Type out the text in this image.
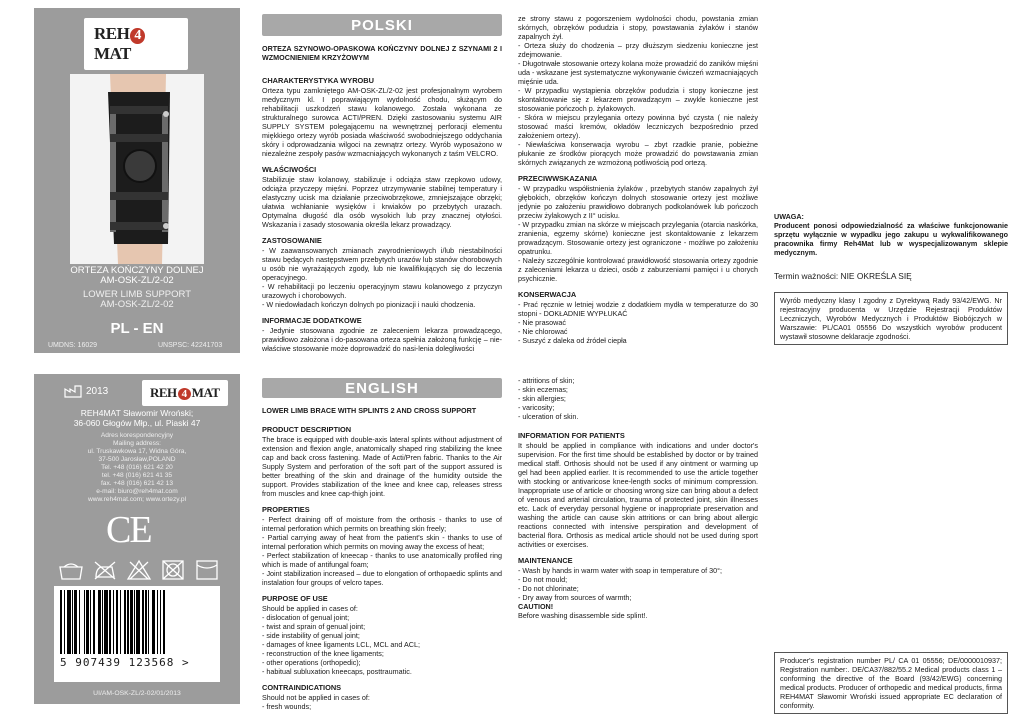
REH 4MAT
ORTEZA KOŃCZYNY DOLNEJ
AM-OSK-ZL/2-02
LOWER LIMB SUPPORT
AM-OSK-ZL/2-02
PL - EN
UMDNS: 16029	UNSPSC: 42241703
2013	REH 4 MAT
REH4MAT Sławomir Wroński;
36-060 Głogów Młp., ul. Piaski 47
Adres korespondencyjny
Mailing address:
ul. Truskawkowa 17, Widna Góra,
37-500 Jarosław,POLAND
Tel. +48 (016) 621 42 20
tel. +48 (016) 621 41 35
fax. +48 (016) 621 42 13
e-mail: biuro@reh4mat.com
www.reh4mat.com; www.ortezy.pl
CE
5 907439 123568 >
UI/AM-OSK-ZL/2-02/01/2013
POLSKI
ORTEZA SZYNOWO-OPASKOWA KOŃCZYNY DOLNEJ Z SZYNAMI 2 I WZMOCNIENIEM KRZYŻOWYM
CHARAKTERYSTYKA WYROBU

Orteza typu zamkniętego AM-OSK-ZL/2-02 jest profesjonalnym wyrobem medycznym kl. I poprawiającym wydolność chodu, służącym do rehabilitacji uszkodzeń stawu kolanowego. Została wykonana ze strukturalnego surowca ACTI/PREN. Dzięki zastosowaniu systemu AIR SUPPLY SYSTEM polegającemu na wewnętrznej perforacji elementu miękkiego ortezy wyrób posiada właściwość swobodniejszego oddychania skóry i odprowadzania wilgoci na zewnątrz ortezy. Wyrób wyposażono w niezależne zespoły pasów wzmacniających wykonanych z taśm VELCRO.

WŁAŚCIWOŚCI

Stabilizuje staw kolanowy, stabilizuje i odciąża staw rzepkowo udowy, odciąża przyczepy mięśni. Poprzez utrzymywanie stabilnej temperatury i elastyczny ucisk ma działanie przeciwobrzękowe, zmniejszające obrzęki; ułatwia wchłanianie wysięków i krwiaków po przebytych urazach. Optymalna długość dla osób wysokich lub przy znacznej otyłości. Wskazania i zasady stosowania określa lekarz prowadzący.

ZASTOSOWANIE

- W zaawansowanych zmianach zwyrodnieniowych i/lub niestabilności stawu będących następstwem przebytych urazów lub stanów chorobowych u osób nie wyrażających zgody, lub nie kwalifikujących się do leczenia operacyjnego.

- W rehabilitacji po leczeniu operacyjnym stawu kolanowego z przyczyn urazowych i chorobowych.

- W niedowładach kończyn dolnych po pionizacji i nauki chodzenia.

INFORMACJE DODATKOWE

- Jedynie stosowana zgodnie ze zaleceniem lekarza prowadzącego, prawidłowo założona i do-pasowana orteza spełnia założoną funkcję – nie-właściwe stosowanie może doprowadzić do nasi-lenia dolegliwości

ze strony stawu z pogorszeniem wydolności chodu, powstania zmian skórnych, obrzęków podudzia i stopy, powstawania żylaków i stanów zapalnych żył.

- Orteza służy do chodzenia – przy dłuższym siedzeniu konieczne jest zdejmowanie.

- Długotrwałe stosowanie ortezy kolana może prowadzić do zaników mięśni uda - wskazane jest systematyczne wykonywanie ćwiczeń wzmacniających mięśnie uda.

- W przypadku wystąpienia obrzęków podudzia i stopy konieczne jest skontaktowanie się z lekarzem prowadzącym – zwykle konieczne jest stosowanie pończoch p. żylakowych.

- Skóra w miejscu przylegania ortezy powinna być czysta ( nie należy stosować maści kremów, okładów leczniczych bezpośrednio przed założeniem ortezy).

- Niewłaściwa konserwacja wyrobu – zbyt rzadkie pranie, pobieżne płukanie ze środków piorących może prowadzić do powstawania zmian skórnych związanych ze wzmożoną potliwością pod ortezą.

PRZECIWWSKAZANIA

- W przypadku współistnienia żylaków , przebytych stanów zapalnych żył głębokich, obrzęków kończyn dolnych stosowanie ortezy jest możliwe jedynie po założeniu prawidłowo dobranych podkolanówek lub pończoch przeciw żylakowych z II° ucisku.

- W przypadku zmian na skórze w miejscach przylegania (otarcia naskórka, zranienia, egzemy skórne) konieczne jest skontaktowanie z lekarzem prowadzącym. Stosowanie ortezy jest ograniczone - możliwe po założeniu opatrunku.

- Należy szczególnie kontrolować prawidłowość stosowania ortezy zgodnie z zaleceniami lekarza u dzieci, osób z zaburzeniami pamięci i u chorych psychicznie.

KONSERWACJA

- Prać ręcznie w letniej wodzie z dodatkiem mydła w temperaturze do 30 stopni - DOKŁADNIE WYPŁUKAĆ

- Nie prasować

- Nie chlorować

- Suszyć z daleka od źródeł ciepła

UWAGA:
Producent ponosi odpowiedzialność za właściwe funkcjonowanie sprzętu wyłącznie w wypadku jego zakupu u wykwalifikowanego pracownika firmy Reh4Mat lub w wyspecjalizowanym sklepie medycznym.
Termin ważności: NIE OKREŚLA SIĘ
Wyrób medyczny klasy I zgodny z Dyrektywą Rady 93/42/EWG. Nr rejestracyjny producenta w Urzędzie Rejestracji Produktów Leczniczych, Wyrobów Medycznych i Produktów Biobójczych w Warszawie: PL/CA01 05556 Do wszystkich wyrobów producent wystawił stosowne deklaracje zgodności.
ENGLISH
LOWER LIMB BRACE WITH SPLINTS 2 AND CROSS SUPPORT
PRODUCT DESCRIPTION

The brace is equipped with double-axis lateral splints without adjustment of extension and flexion angle, anatomically shaped ring stabilizing the knee cap and back cross fastening. Made of Acti/Pren fabric. Thanks to the Air Supply System and perforation of the soft part of the support assured is better breathing of the skin and drainage of the humidity outside the support. Provides stabilization of the knee and knee cap, releases stress from muscles and knee cap-thigh joint.

PROPERTIES

- Perfect draining off of moisture from the orthosis - thanks to use of internal perforation which permits on breathing skin freely;

- Partial carrying away of heat from the patient's skin - thanks to use of internal perforation which permits on moving away the excess of heat;

- Perfect stabilization of kneecap - thanks to use anatomically profiled ring which is made of antifungal foam;

- Joint stabilization increased – due to elongation of orthopaedic splints and instalation four groups of velcro tapes.

PURPOSE OF USE

Should be applied in cases of:

- dislocation of genual joint;

- twist and sprain of genual joint;

- side instability of genual joint;

- damages of knee ligaments LCL, MCL and ACL;

- reconstruction of the knee ligaments;

- other operations (orthopedic);

- habitual subluxation kneecaps, posttraumatic.

CONTRAINDICATIONS

Should not be applied in cases of:

- fresh wounds;

- attritions of skin;

- skin eczemas;

- skin allergies;

- varicosity;

- ulceration of skin.

INFORMATION FOR PATIENTS

It should be applied in compliance with indications and under doctor's supervision. For the first time should be established by doctor or by trained medical staff. Orthosis should not be used if any ointment or warming up gel had been applied earlier. It is recommended to use the article together with stocking or antivaricose knee-length socks of minimum compression. Inappropriate use of article or choosing wrong size can bring about a defect of venous and arterial circulation, trauma of protected joint, skin illnesses etc. Lack of everyday personal hygiene or inappropriate preservation and washing the article can cause skin attritions or can bring about allergic reactions connected with intensive perspiration and development of bacterial flora. Orthosis as medical article should not be used during sport activities or exercises.

MAINTENANCE

- Wash by hands in warm water with soap in temperature of 30°;

- Do not mould;

- Do not chlorinate;

- Dry away from sources of warmth;

CAUTION!

Before washing disassemble side splint!.

Producer's registration number PL/ CA 01 05556; DE/0000010937; Registration number:. DE/CA37/882/55.2 Medical products class 1 – conforming the directive of the Board (93/42/EWG) concerning medical products. Producer of orthopedic and medical products, firma REH4MAT Sławomir Wroński issued appropriate EC declaration of conformity.
